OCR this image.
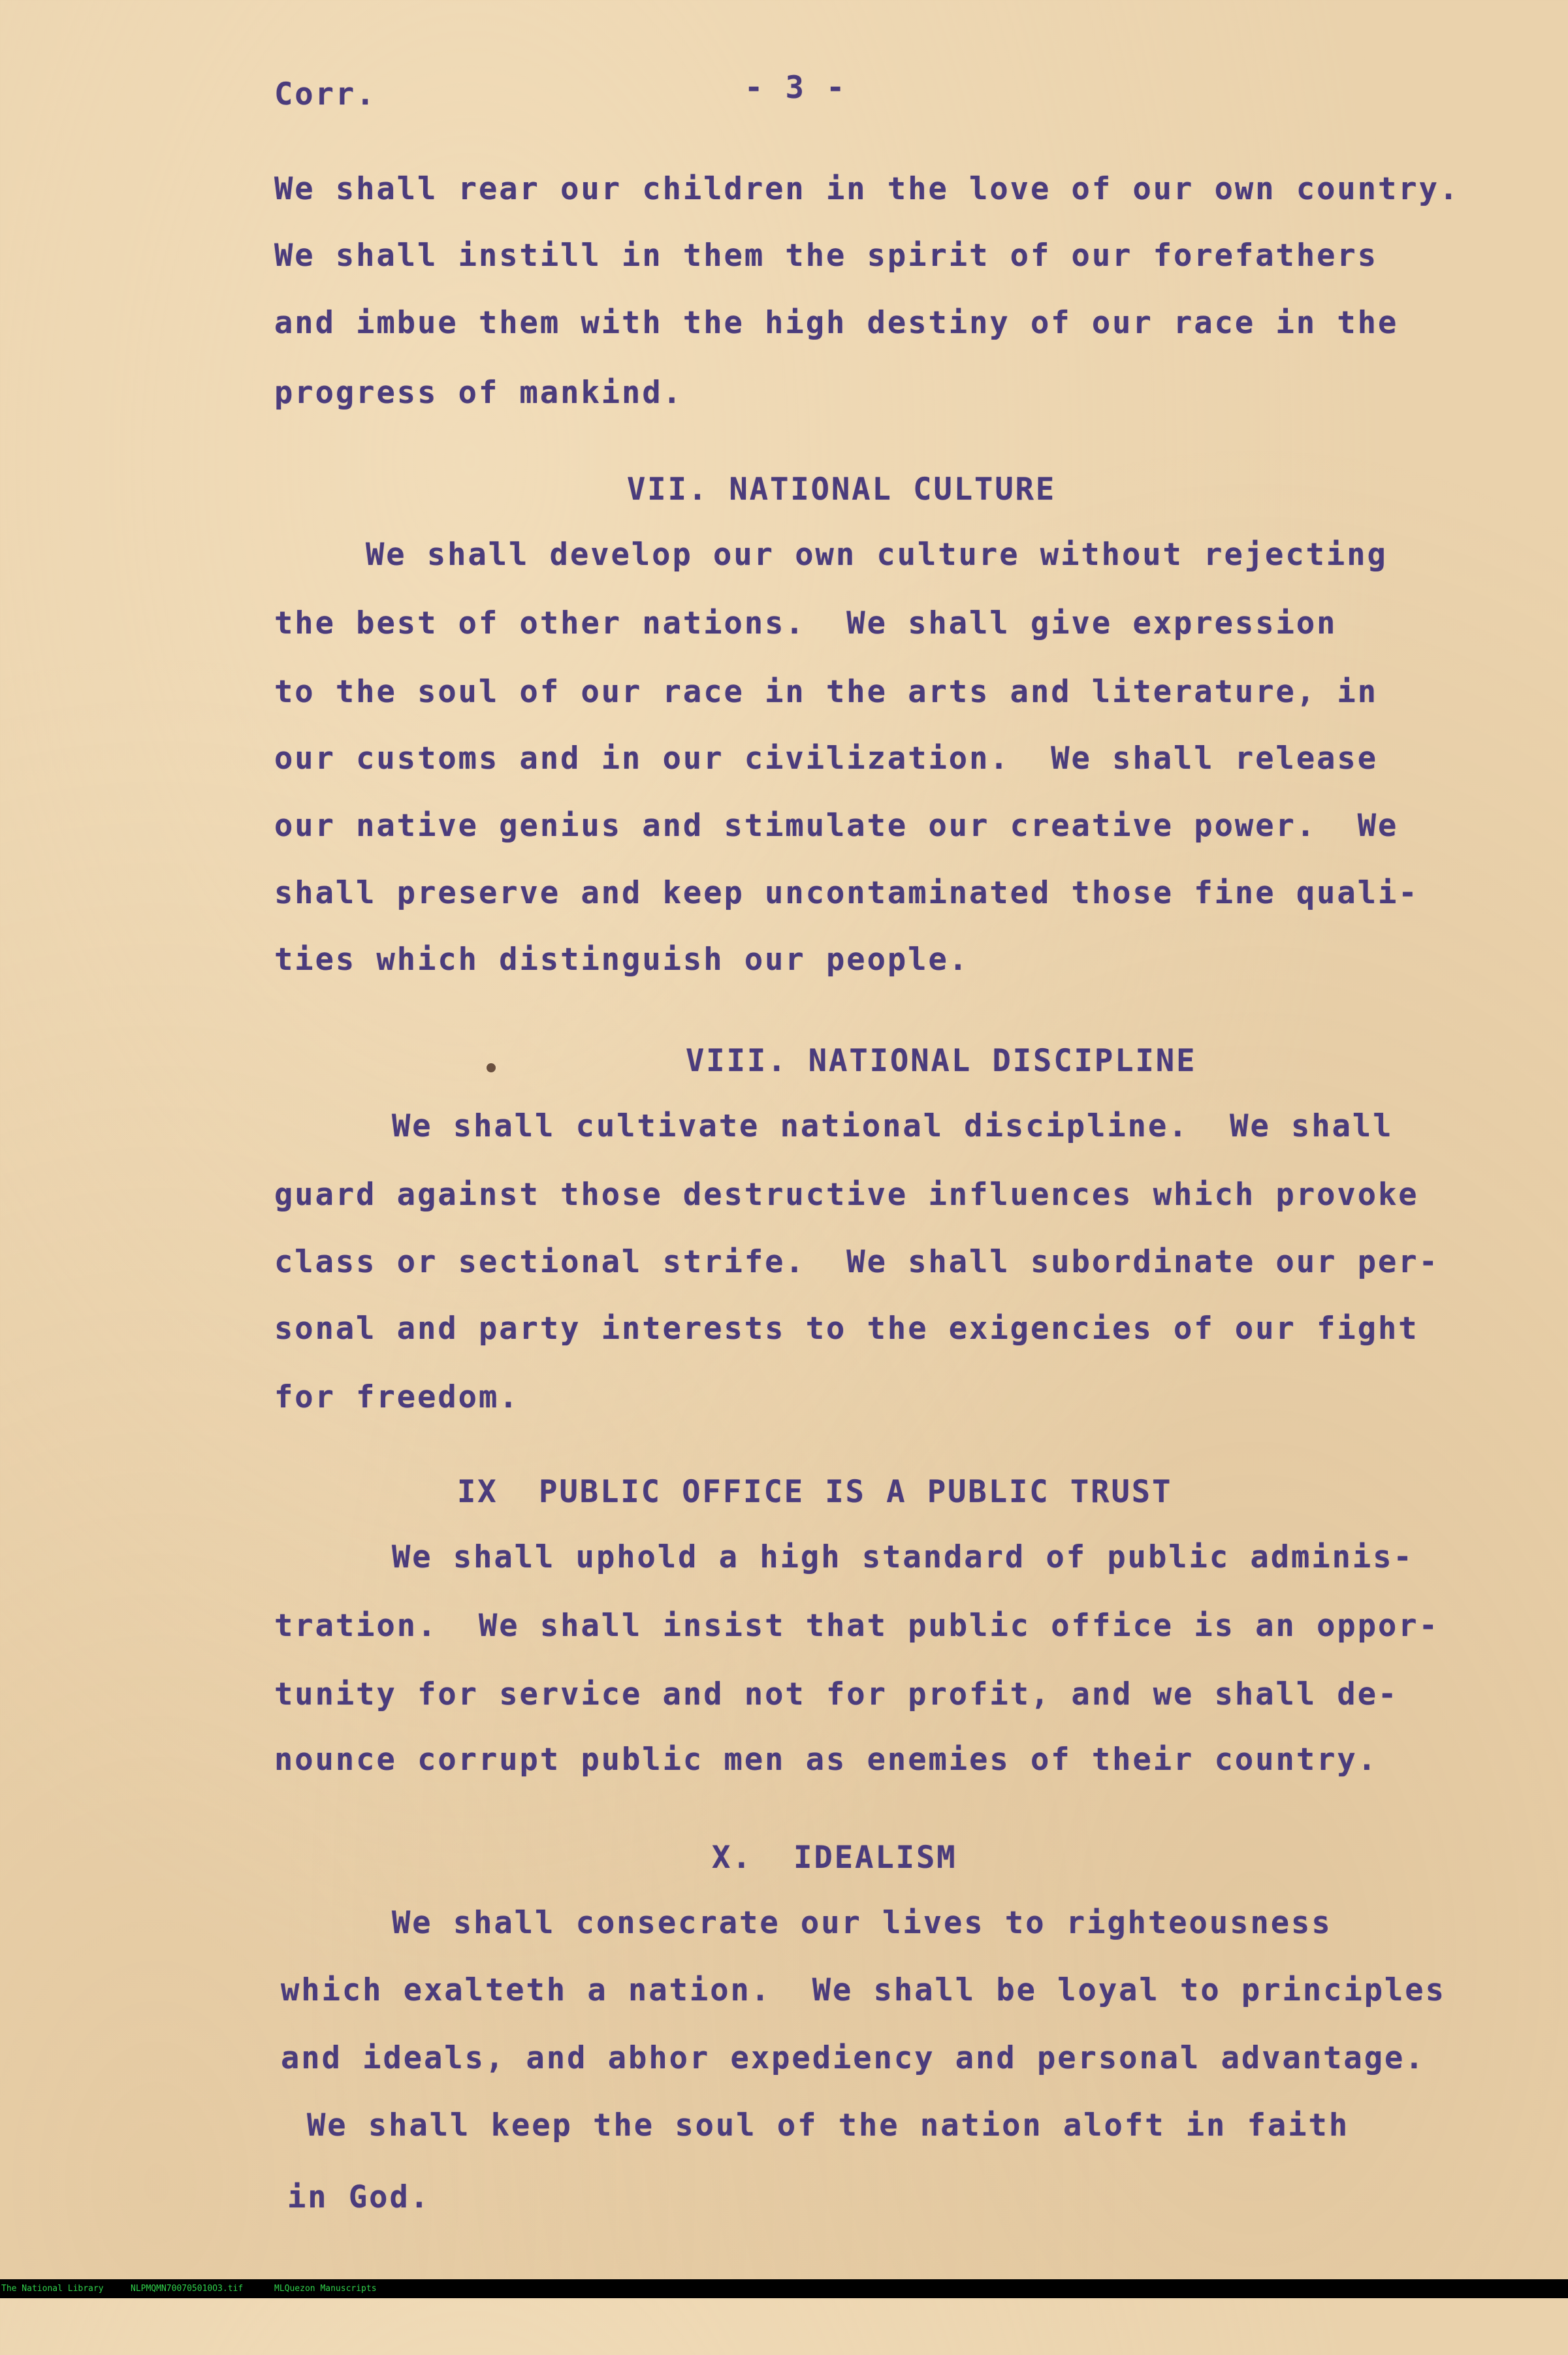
Corr.	- 3 -

We shall rear our children in the love of our own country.

We shall instill in them the spirit of our forefathers

and imbue them with the high destiny of our race in the

progress of mankind.

VII. NATIONAL CULTURE

We shall develop our own culture without rejecting

the best of other nations.  We shall give expression

to the soul of our race in the arts and literature, in

our customs and in our civilization.  We shall release

our native genius and stimulate our creative power.  We

shall preserve and keep uncontaminated those fine quali-

ties which distinguish our people.

VIII. NATIONAL DISCIPLINE

We shall cultivate national discipline.  We shall

guard against those destructive influences which provoke

class or sectional strife.  We shall subordinate our per-

sonal and party interests to the exigencies of our fight

for freedom.

IX  PUBLIC OFFICE IS A PUBLIC TRUST

We shall uphold a high standard of public adminis-

tration.  We shall insist that public office is an oppor-

tunity for service and not for profit, and we shall de-

nounce corrupt public men as enemies of their country.

X.  IDEALISM

We shall consecrate our lives to righteousness

which exalteth a nation.  We shall be loyal to principles

and ideals, and abhor expediency and personal advantage.

We shall keep the soul of the nation aloft in faith

in God.

The National Library

	NLPMQMN700705010O3.tif

	MLQuezon Manuscripts
